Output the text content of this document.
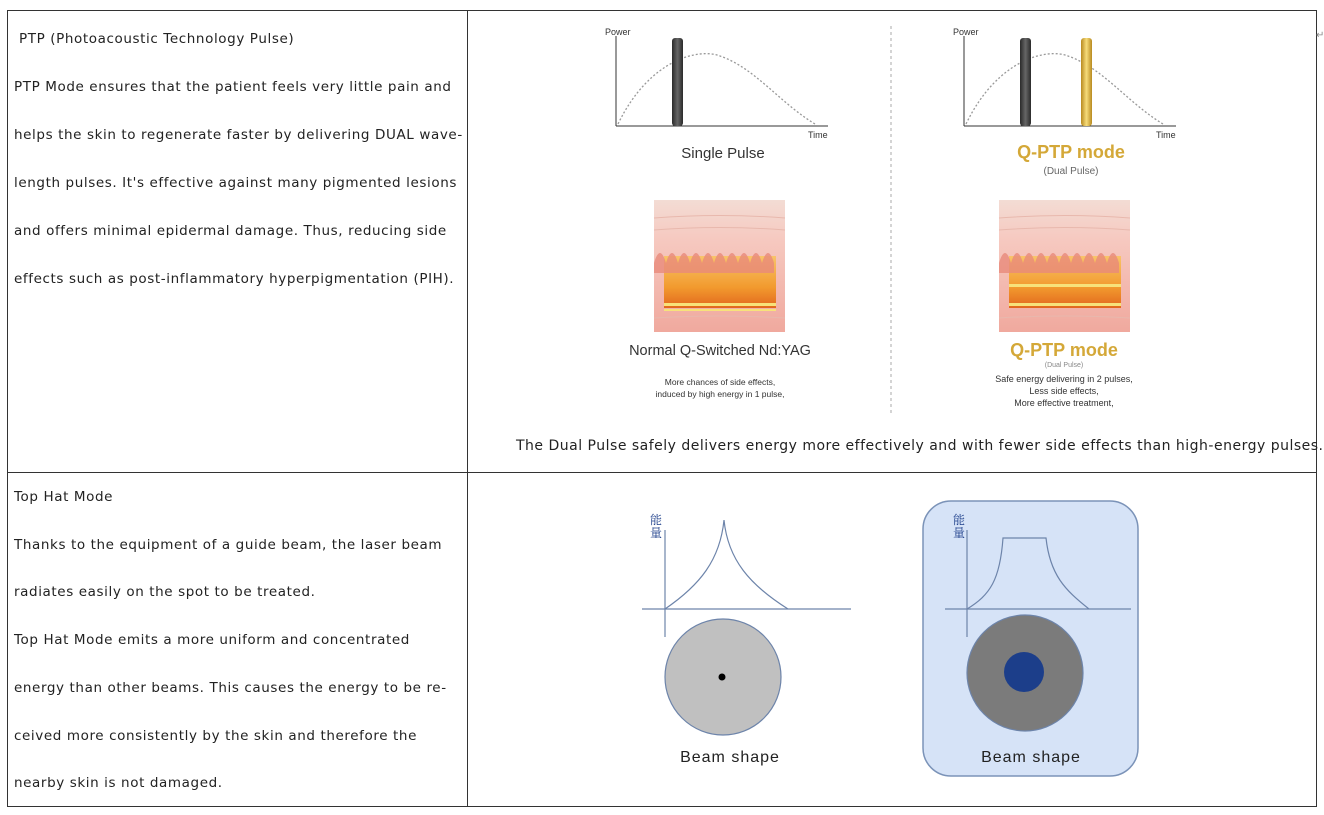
↵
PTP (Photoacoustic Technology Pulse)
PTP Mode ensures that the patient feels very little pain and
helps the skin to regenerate faster by delivering DUAL wave-
length pulses. It's effective against many pigmented lesions
and offers minimal epidermal damage. Thus, reducing side
effects such as post-inflammatory hyperpigmentation (PIH).
Power
Time
Single Pulse
Power
Time
Q-PTP mode
(Dual Pulse)
Normal Q-Switched Nd:YAG
More chances of side effects,
induced by high energy in 1 pulse,
Q-PTP mode
(Dual Pulse)
Safe energy delivering in 2 pulses,
Less side effects,
More effective treatment,
The Dual Pulse safely delivers energy more effectively and with fewer side effects than high-energy pulses.
Top Hat Mode
Thanks to the equipment of a guide beam, the laser beam
radiates easily on the spot to be treated.
Top Hat Mode emits a more uniform and concentrated
energy than other beams. This causes the energy to be re-
ceived more consistently by the skin and therefore the
nearby skin is not damaged.
能
量
Beam shape
能
量
Beam shape
